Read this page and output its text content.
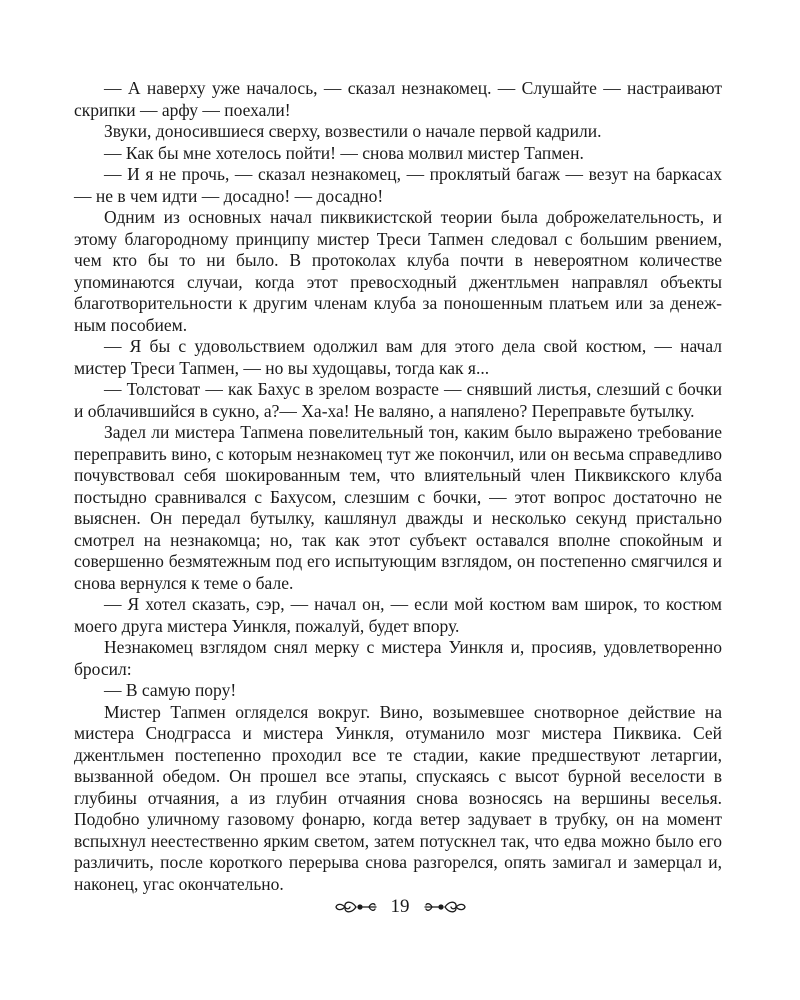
— А наверху уже началось, — сказал незнакомец. — Слушайте — настраивают скрипки — арфу — поехали!

Звуки, доносившиеся сверху, возвестили о начале первой кадрили.

— Как бы мне хотелось пойти! — снова молвил мистер Тапмен.

— И я не прочь, — сказал незнакомец, — проклятый багаж — везут на баркасах — не в чем идти — досадно! — досадно!

Одним из основных начал пиквикистской теории была доброжелательность, и этому благородному принципу мистер Треси Тапмен следовал с большим рвением, чем кто бы то ни было. В протоколах клуба почти в невероятном количестве упоминаются случаи, когда этот превосходный джентльмен направлял объекты благотворительности к другим членам клуба за поношенным платьем или за денежным пособием.

— Я бы с удовольствием одолжил вам для этого дела свой костюм, — начал мистер Треси Тапмен, — но вы худощавы, тогда как я...

— Толстоват — как Бахус в зрелом возрасте — снявший листья, слезший с бочки и облачившийся в сукно, а?— Ха-ха! Не валяно, а напялено? Переправьте бутылку.

Задел ли мистера Тапмена повелительный тон, каким было выражено требование переправить вино, с которым незнакомец тут же покончил, или он весьма справедливо почувствовал себя шокированным тем, что влиятельный член Пиквикского клуба постыдно сравнивался с Бахусом, слезшим с бочки, — этот вопрос достаточно не выяснен. Он передал бутылку, кашлянул дважды и несколько секунд пристально смотрел на незнакомца; но, так как этот субъект оставался вполне спокойным и совершенно безмятежным под его испытующим взглядом, он постепенно смягчился и снова вернулся к теме о бале.

— Я хотел сказать, сэр, — начал он, — если мой костюм вам широк, то костюм моего друга мистера Уинкля, пожалуй, будет впору.

Незнакомец взглядом снял мерку с мистера Уинкля и, просияв, удовлетворенно бросил:

— В самую пору!

Мистер Тапмен огляделся вокруг. Вино, возымевшее снотворное действие на мистера Снодграсса и мистера Уинкля, отуманило мозг мистера Пиквика. Сей джентльмен постепенно проходил все те стадии, какие предшествуют летаргии, вызванной обедом. Он прошел все этапы, спускаясь с высот бурной веселости в глубины отчаяния, а из глубин отчаяния снова возносясь на вершины веселья. Подобно уличному газовому фонарю, когда ветер задувает в трубку, он на момент вспыхнул неестественно ярким светом, затем потускнел так, что едва можно было его различить, после короткого перерыва снова разгорелся, опять замигал и замерцал и, наконец, угас окончательно.

19
